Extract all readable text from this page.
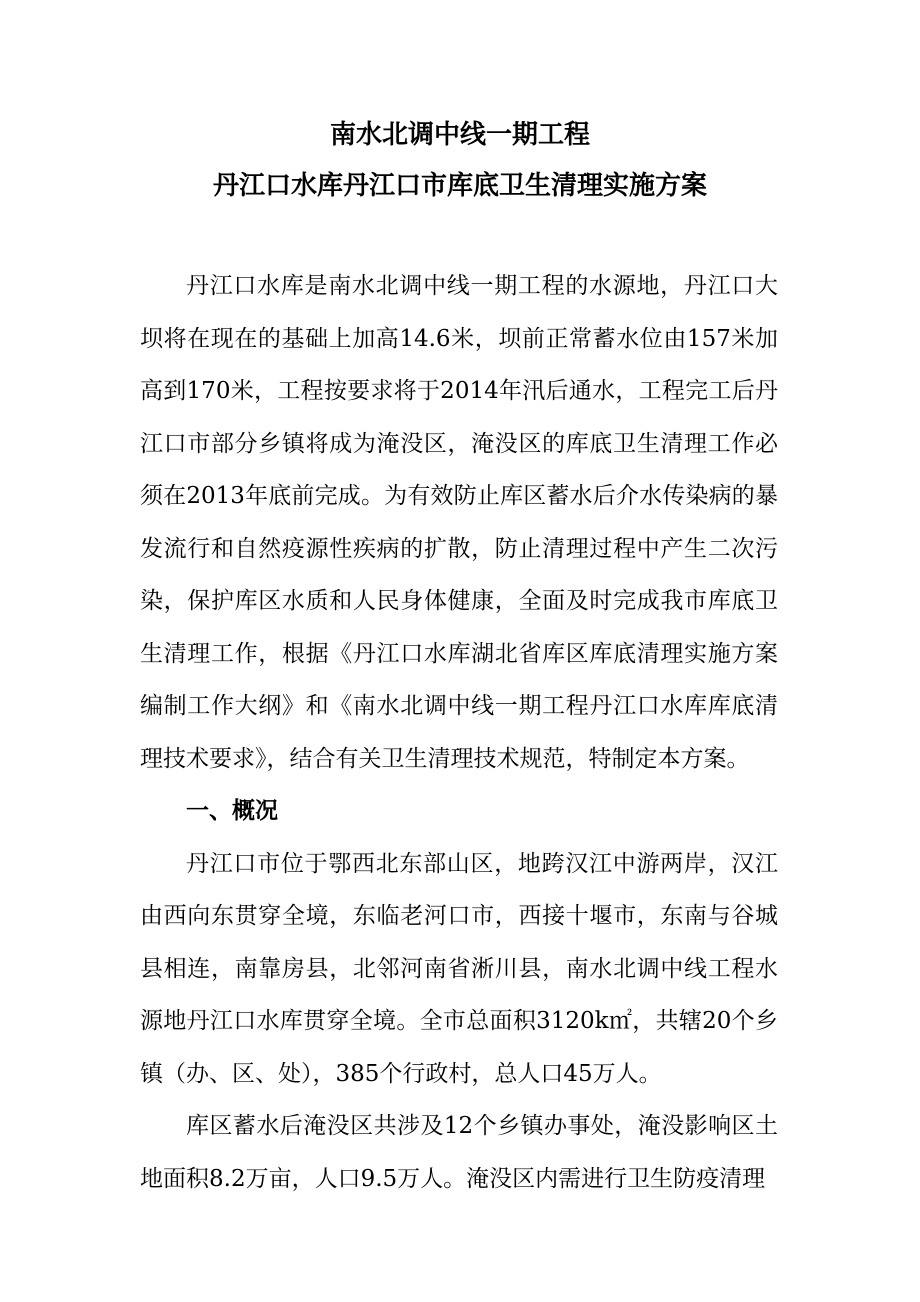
南水北调中线一期工程
丹江口水库丹江口市库底卫生清理实施方案

丹江口水库是南水北调中线一期工程的水源地，丹江口大坝将在现在的基础上加高14.6米，坝前正常蓄水位由157米加高到170米，工程按要求将于2014年汛后通水，工程完工后丹江口市部分乡镇将成为淹没区，淹没区的库底卫生清理工作必须在2013年底前完成。为有效防止库区蓄水后介水传染病的暴发流行和自然疫源性疾病的扩散，防止清理过程中产生二次污染，保护库区水质和人民身体健康，全面及时完成我市库底卫生清理工作，根据《丹江口水库湖北省库区库底清理实施方案编制工作大纲》和《南水北调中线一期工程丹江口水库库底清理技术要求》，结合有关卫生清理技术规范，特制定本方案。

一、概况

丹江口市位于鄂西北东部山区，地跨汉江中游两岸，汉江由西向东贯穿全境，东临老河口市，西接十堰市，东南与谷城县相连，南靠房县，北邻河南省淅川县，南水北调中线工程水源地丹江口水库贯穿全境。全市总面积3120k㎡，共辖20个乡镇（办、区、处），385个行政村，总人口45万人。

库区蓄水后淹没区共涉及12个乡镇办事处，淹没影响区土地面积8.2万亩，人口9.5万人。淹没区内需进行卫生防疫清理
